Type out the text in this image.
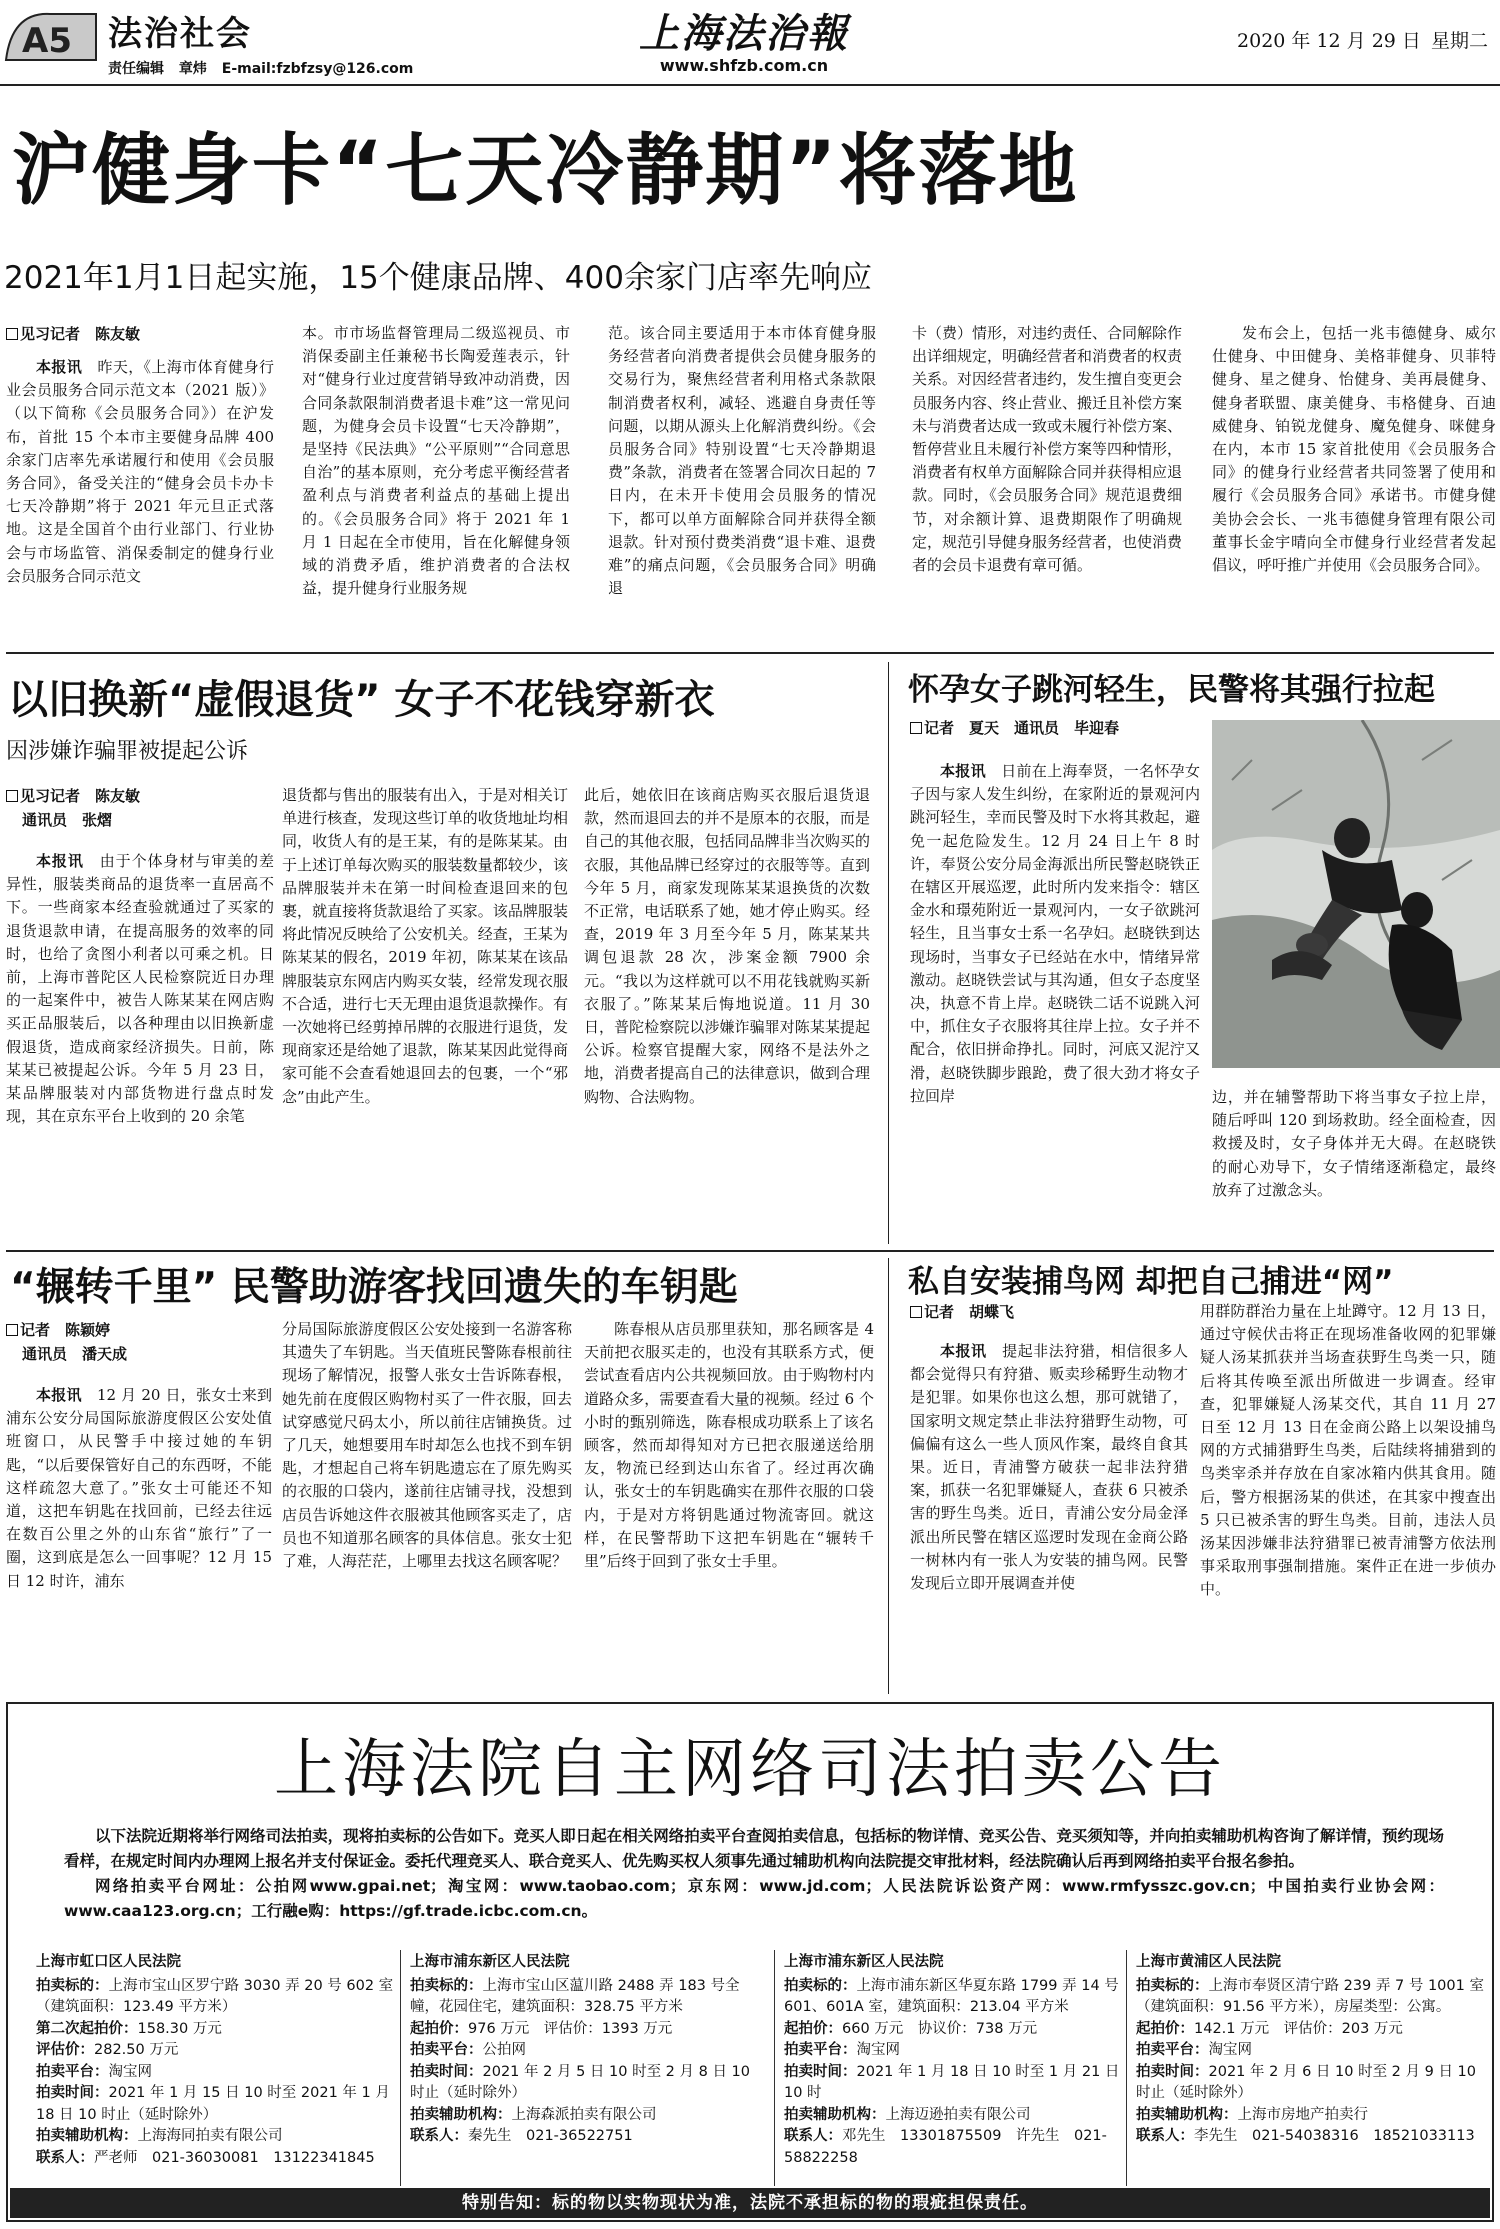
A5 法治社会
责任编辑 章炜 E-mail:fzbfzsy@126.com
上海法治報
www.shfzb.com.cn
2020 年 12 月 29 日 星期二
沪健身卡“七天冷静期”将落地
2021年1月1日起实施，15个健康品牌、400余家门店率先响应
见习记者　陈友敏

本报讯　 昨天，《上海市体育健身行业会员服务合同示范文本（2021 版）》（以下简称《会员服务合同》）在沪发布，首批 15 个本市主要健身品牌 400 余家门店率先承诺履行和使用《会员服务合同》，备受关注的“健身会员卡办卡七天冷静期”将于 2021 年元旦正式落地。这是全国首个由行业部门、行业协会与市场监管、消保委制定的健身行业会员服务合同示范文

本。市市场监督管理局二级巡视员、市消保委副主任兼秘书长陶爱莲表示，针对“健身行业过度营销导致冲动消费，因合同条款限制消费者退卡难”这一常见问题，为健身会员卡设置“七天冷静期”，是坚持《民法典》“公平原则”“合同意思自治”的基本原则，充分考虑平衡经营者盈利点与消费者利益点的基础上提出的。《会员服务合同》将于 2021 年 1 月 1 日起在全市使用，旨在化解健身领域的消费矛盾，维护消费者的合法权益，提升健身行业服务规
范。该合同主要适用于本市体育健身服务经营者向消费者提供会员健身服务的交易行为，聚焦经营者利用格式条款限制消费者权利，减轻、逃避自身责任等问题，以期从源头上化解消费纠纷。《会员服务合同》特别设置“七天冷静期退费”条款，消费者在签署合同次日起的 7 日内，在未开卡使用会员服务的情况下，都可以单方面解除合同并获得全额退款。针对预付费类消费“退卡难、退费难”的痛点问题，《会员服务合同》明确退
卡（费）情形，对违约责任、合同解除作出详细规定，明确经营者和消费者的权责关系。对因经营者违约，发生擅自变更会员服务内容、终止营业、搬迁且补偿方案未与消费者达成一致或未履行补偿方案、暂停营业且未履行补偿方案等四种情形，消费者有权单方面解除合同并获得相应退款。同时，《会员服务合同》规范退费细节，对余额计算、退费期限作了明确规定，规范引导健身服务经营者，也使消费者的会员卡退费有章可循。
发布会上，包括一兆韦德健身、威尔仕健身、中田健身、美格菲健身、贝菲特健身、星之健身、怡健身、美再晨健身、健身者联盟、康美健身、韦格健身、百迪威健身、铂锐龙健身、魔兔健身、咪健身在内，本市 15 家首批使用《会员服务合同》的健身行业经营者共同签署了使用和履行《会员服务合同》承诺书。市健身健美协会会长、一兆韦德健身管理有限公司董事长金宇晴向全市健身行业经营者发起倡议，呼吁推广并使用《会员服务合同》。
以旧换新“虚假退货” 女子不花钱穿新衣
因涉嫌诈骗罪被提起公诉
见习记者　陈友敏
通讯员　张熠

本报讯　 由于个体身材与审美的差异性，服装类商品的退货率一直居高不下。一些商家本经查验就通过了买家的退货退款申请，在提高服务的效率的同时，也给了贪图小利者以可乘之机。日前，上海市普陀区人民检察院近日办理的一起案件中，被告人陈某某在网店购买正品服装后，以各种理由以旧换新虚假退货，造成商家经济损失。日前，陈某某已被提起公诉。今年 5 月 23 日，某品牌服装对内部货物进行盘点时发现，其在京东平台上收到的 20 余笔

退货都与售出的服装有出入，于是对相关订单进行核查，发现这些订单的收货地址均相同，收货人有的是王某，有的是陈某某。由于上述订单每次购买的服装数量都较少，该品牌服装并未在第一时间检查退回来的包裹，就直接将货款退给了买家。该品牌服装将此情况反映给了公安机关。经查，王某为陈某某的假名，2019 年初，陈某某在该品牌服装京东网店内购买女装，经常发现衣服不合适，进行七天无理由退货退款操作。有一次她将已经剪掉吊牌的衣服进行退货，发现商家还是给她了退款，陈某某因此觉得商家可能不会查看她退回去的包裹，一个“邪念”由此产生。
此后，她依旧在该商店购买衣服后退货退款，然而退回去的并不是原本的衣服，而是自己的其他衣服，包括同品牌非当次购买的衣服，其他品牌已经穿过的衣服等等。直到今年 5 月，商家发现陈某某退换货的次数不正常，电话联系了她，她才停止购买。经查，2019 年 3 月至今年 5 月，陈某某共调包退款 28 次，涉案金额 7900 余元。“我以为这样就可以不用花钱就购买新衣服了。”陈某某后悔地说道。11 月 30 日，普陀检察院以涉嫌诈骗罪对陈某某提起公诉。检察官提醒大家，网络不是法外之地，消费者提高自己的法律意识，做到合理购物、合法购物。
怀孕女子跳河轻生，民警将其强行拉起
记者　夏天　通讯员　毕迎春

本报讯　 日前在上海奉贤，一名怀孕女子因与家人发生纠纷，在家附近的景观河内跳河轻生，幸而民警及时下水将其救起，避免一起危险发生。12 月 24 日上午 8 时许，奉贤公安分局金海派出所民警赵晓铁正在辖区开展巡逻，此时所内发来指令：辖区金水和璟苑附近一景观河内，一女子欲跳河轻生，且当事女士系一名孕妇。赵晓铁到达现场时，当事女子已经站在水中，情绪异常激动。赵晓铁尝试与其沟通，但女子态度坚决，执意不肯上岸。赵晓铁二话不说跳入河中，抓住女子衣服将其往岸上拉。女子并不配合，依旧拼命挣扎。同时，河底又泥泞又滑，赵晓铁脚步踉跄，费了很大劲才将女子拉回岸	边，并在辅警帮助下将当事女子拉上岸，随后呼叫 120 到场救助。经全面检查，因救援及时，女子身体并无大碍。在赵晓铁的耐心劝导下，女子情绪逐渐稳定，最终放弃了过激念头。
“辗转千里” 民警助游客找回遗失的车钥匙
记者　陈颖婷
通讯员　潘天成

本报讯　 12 月 20 日，张女士来到浦东公安分局国际旅游度假区公安处值班窗口，从民警手中接过她的车钥匙，“以后要保管好自己的东西呀，不能这样疏忽大意了。”张女士可能还不知道，这把车钥匙在找回前，已经去往远在数百公里之外的山东省“旅行”了一圈，这到底是怎么一回事呢？12 月 15 日 12 时许，浦东

分局国际旅游度假区公安处接到一名游客称其遗失了车钥匙。当天值班民警陈春根前往现场了解情况，报警人张女士告诉陈春根，她先前在度假区购物村买了一件衣服，回去试穿感觉尺码太小，所以前往店铺换货。过了几天，她想要用车时却怎么也找不到车钥匙，才想起自己将车钥匙遗忘在了原先购买的衣服的口袋内，遂前往店铺寻找，没想到店员告诉她这件衣服被其他顾客买走了，店员也不知道那名顾客的具体信息。张女士犯了难，人海茫茫，上哪里去找这名顾客呢？
陈春根从店员那里获知，那名顾客是 4 天前把衣服买走的，也没有其联系方式，便尝试查看店内公共视频回放。由于购物村内道路众多，需要查看大量的视频。经过 6 个小时的甄别筛选，陈春根成功联系上了该名顾客，然而却得知对方已把衣服递送给朋友，物流已经到达山东省了。经过再次确认，张女士的车钥匙确实在那件衣服的口袋内，于是对方将钥匙通过物流寄回。就这样，在民警帮助下这把车钥匙在“辗转千里”后终于回到了张女士手里。
私自安装捕鸟网 却把自己捕进“网”
记者　胡蝶飞

本报讯　 提起非法狩猎，相信很多人都会觉得只有狩猎、贩卖珍稀野生动物才是犯罪。如果你也这么想，那可就错了，国家明文规定禁止非法狩猎野生动物，可偏偏有这么一些人顶风作案，最终自食其果。近日，青浦警方破获一起非法狩猎案，抓获一名犯罪嫌疑人，查获 6 只被杀害的野生鸟类。近日，青浦公安分局金泽派出所民警在辖区巡逻时发现在金商公路一树林内有一张人为安装的捕鸟网。民警发现后立即开展调查并使

用群防群治力量在上址蹲守。12 月 13 日，通过守候伏击将正在现场准备收网的犯罪嫌疑人汤某抓获并当场查获野生鸟类一只，随后将其传唤至派出所做进一步调查。经审查，犯罪嫌疑人汤某交代，其自 11 月 27 日至 12 月 13 日在金商公路上以架设捕鸟网的方式捕猎野生鸟类，后陆续将捕猎到的鸟类宰杀并存放在自家冰箱内供其食用。随后，警方根据汤某的供述，在其家中搜查出 5 只已被杀害的野生鸟类。目前，违法人员汤某因涉嫌非法狩猎罪已被青浦警方依法刑事采取刑事强制措施。案件正在进一步侦办中。
上海法院自主网络司法拍卖公告

以下法院近期将举行网络司法拍卖，现将拍卖标的公告如下。竞买人即日起在相关网络拍卖平台查阅拍卖信息，包括标的物详情、竞买公告、竞买须知等，并向拍卖辅助机构咨询了解详情，预约现场看样，在规定时间内办理网上报名并支付保证金。委托代理竞买人、联合竞买人、优先购买权人须事先通过辅助机构向法院提交审批材料，经法院确认后再到网络拍卖平台报名参拍。

网络拍卖平台网址：公拍网www.gpai.net；淘宝网：www.taobao.com；京东网：www.jd.com；人民法院诉讼资产网：www.rmfysszc.gov.cn；中国拍卖行业协会网：www.caa123.org.cn；工行融e购：https://gf.trade.icbc.com.cn。

上海市虹口区人民法院
拍卖标的：上海市宝山区罗宁路 3030 弄 20 号 602 室（建筑面积：123.49 平方米）
第二次起拍价：158.30 万元
评估价：282.50 万元
拍卖平台：淘宝网
拍卖时间：2021 年 1 月 15 日 10 时至 2021 年 1 月 18 日 10 时止（延时除外）
拍卖辅助机构：上海海同拍卖有限公司
联系人：严老师　021-36030081　13122341845
上海市浦东新区人民法院
拍卖标的：上海市宝山区蕰川路 2488 弄 183 号全幢，花园住宅，建筑面积：328.75 平方米
起拍价：976 万元　评估价：1393 万元
拍卖平台：公拍网
拍卖时间：2021 年 2 月 5 日 10 时至 2 月 8 日 10 时止（延时除外）
拍卖辅助机构：上海森派拍卖有限公司
联系人：秦先生　021-36522751
上海市浦东新区人民法院
拍卖标的：上海市浦东新区华夏东路 1799 弄 14 号 601、601A 室，建筑面积：213.04 平方米
起拍价：660 万元　协议价：738 万元
拍卖平台：淘宝网
拍卖时间：2021 年 1 月 18 日 10 时至 1 月 21 日 10 时
拍卖辅助机构：上海迈逊拍卖有限公司
联系人：邓先生　13301875509　许先生　021-58822258
上海市黄浦区人民法院
拍卖标的：上海市奉贤区清宁路 239 弄 7 号 1001 室（建筑面积：91.56 平方米），房屋类型：公寓。
起拍价：142.1 万元　评估价：203 万元
拍卖平台：淘宝网
拍卖时间：2021 年 2 月 6 日 10 时至 2 月 9 日 10 时止（延时除外）
拍卖辅助机构：上海市房地产拍卖行
联系人：李先生　021-54038316　18521033113
特别告知：标的物以实物现状为准，法院不承担标的物的瑕疵担保责任。
